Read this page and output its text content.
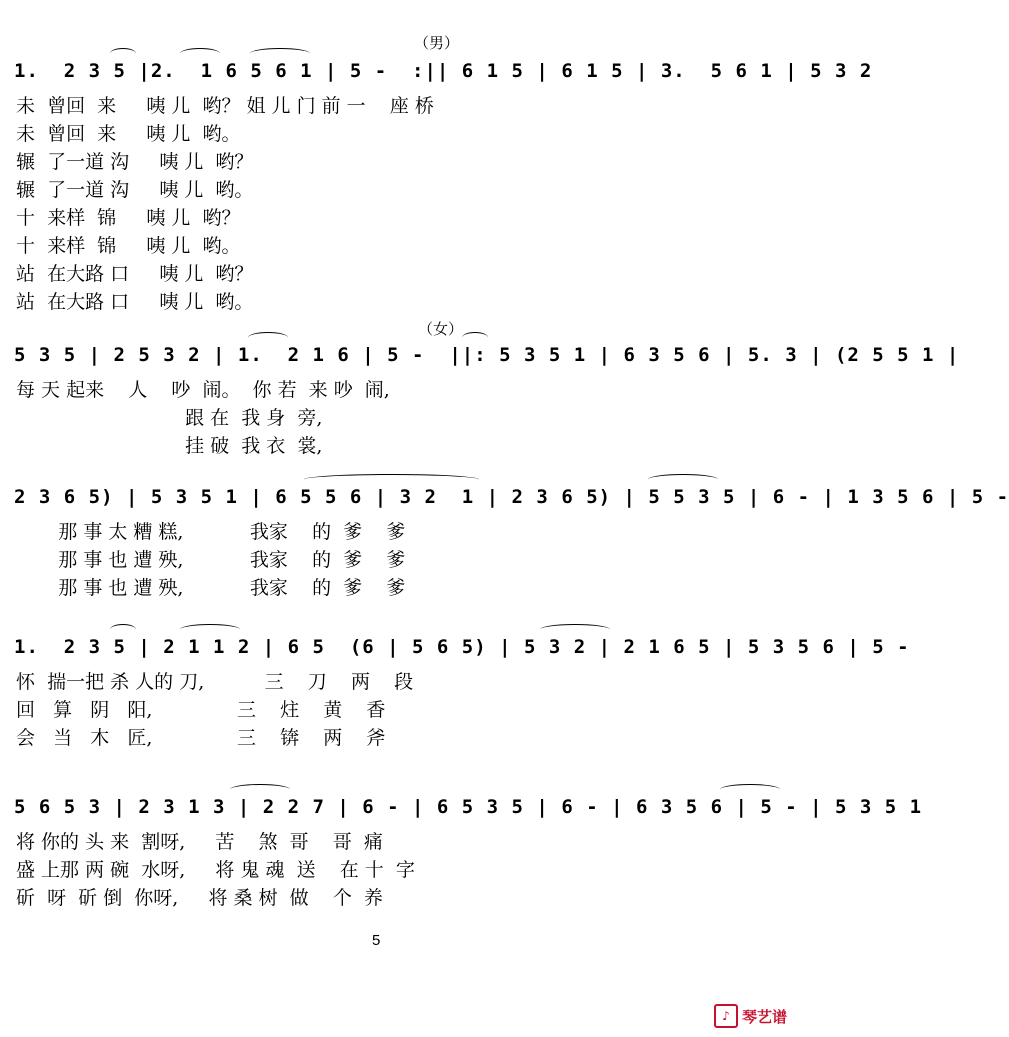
（男）
1.  2 3 5 |2.  1 6 5 6 1 | 5 -  :|| 6 1 5 | 6 1 5 | 3.  5 6 1 | 5 3 2
未  曾回  来     咦 儿  哟？ 姐 儿 门 前 一    座 桥
未  曾回  来     咦 儿  哟。
辗  了一道 沟     咦 儿  哟？
辗  了一道 沟     咦 儿  哟。
十  来样  锦     咦 儿  哟？
十  来样  锦     咦 儿  哟。
站  在大路 口     咦 儿  哟？
站  在大路 口     咦 儿  哟。
（女）
5 3 5 | 2 5 3 2 | 1.  2 1 6 | 5 -  ||: 5 3 5 1 | 6 3 5 6 | 5. 3 | (2 5 5 1 |
每 天 起来    人    吵  闹。  你 若  来 吵  闹,
跟 在  我 身  旁,
挂 破  我 衣  裳,
2 3 6 5) | 5 3 5 1 | 6 5 5 6 | 3 2  1 | 2 3 6 5) | 5 5 3 5 | 6 - | 1 3 5 6 | 5 -
那 事 太 糟 糕,           我家    的  爹    爹
那 事 也 遭 殃,           我家    的  爹    爹
那 事 也 遭 殃,           我家    的  爹    爹
1.  2 3 5 | 2 1 1 2 | 6 5  (6 | 5 6 5) | 5 3 2 | 2 1 6 5 | 5 3 5 6 | 5 -
怀  揣一把 杀 人的 刀,          三    刀    两    段
回   算   阴   阳,              三    炷    黄    香
会   当   木   匠,              三    锛    两    斧
5 6 5 3 | 2 3 1 3 | 2 2 7 | 6 - | 6 5 3 5 | 6 - | 6 3 5 6 | 5 - | 5 3 5 1
将 你的 头 来  割呀,     苦    煞  哥    哥  痛
盛 上那 两 碗  水呀,     将 鬼 魂  送    在 十  字
斫  呀  斫 倒  你呀,     将 桑 树  做    个  养
5
♪ 琴艺谱
